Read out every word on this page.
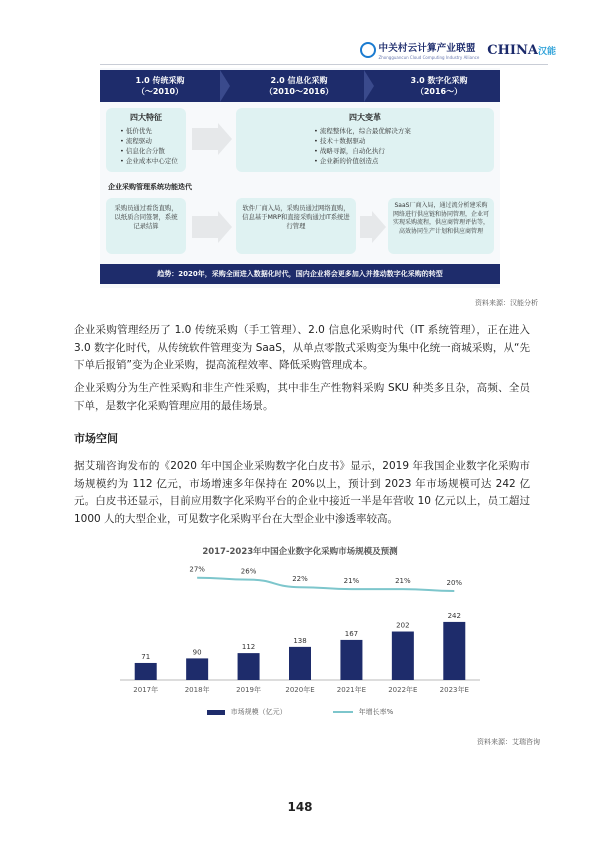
中关村云计算产业联盟
Zhongguancun Cloud Computing Industry Alliance CHINA汉能
1.0 传统采购
（～2010）
2.0 信息化采购
（2010～2016）
3.0 数字化采购
（2016～）
四大特征
• 低价优先
• 流程驱动
• 信息化合分散
• 企业成本中心定位
四大变革
• 流程整体化，综合最优解决方案
• 技术＋数据驱动
• 战略寻源，自动化执行
• 企业新的价值创造点
企业采购管理系统功能迭代
采购员通过看货直购，以纸质合同签署，系统记录结算
软件厂商入局，采购员通过网络直购，信息基于MRP和直接采购通过IT系统进行管理
SaaS厂商入局，通过流分析建采购网络进行供应链和协同管理，企业可实现采购流程，供应商管理评估等，高效协同生产计划和供应商管理
趋势：2020年，采购全面进入数据化时代，国内企业将会更多加入并推动数字化采购的转型
资料来源：汉能分析

企业采购管理经历了 1.0 传统采购（手工管理）、2.0 信息化采购时代（IT 系统管理），正在进入 3.0 数字化时代，从传统软件管理变为 SaaS，从单点零散式采购变为集中化统一商城采购，从“先下单后报销”变为企业采购，提高流程效率、降低采购管理成本。

企业采购分为生产性采购和非生产性采购，其中非生产性物料采购 SKU 种类多且杂，高频、全员下单，是数字化采购管理应用的最佳场景。

市场空间

据艾瑞咨询发布的《2020 年中国企业采购数字化白皮书》显示，2019 年我国企业数字化采购市场规模约为 112 亿元，市场增速多年保持在 20%以上，预计到 2023 年市场规模可达 242 亿元。白皮书还显示，目前应用数字化采购平台的企业中接近一半是年营收 10 亿元以上，员工超过 1000 人的大型企业，可见数字化采购平台在大型企业中渗透率较高。

2017-2023年中国企业数字化采购市场规模及预测
71
2017年
90
2018年
112
2019年
138
2020年E
167
2021年E
202
2022年E
242
2023年E
27%	26%
22%	21%	21%	20%
市场规模（亿元）	年增长率%
资料来源：艾瑞咨询
148
